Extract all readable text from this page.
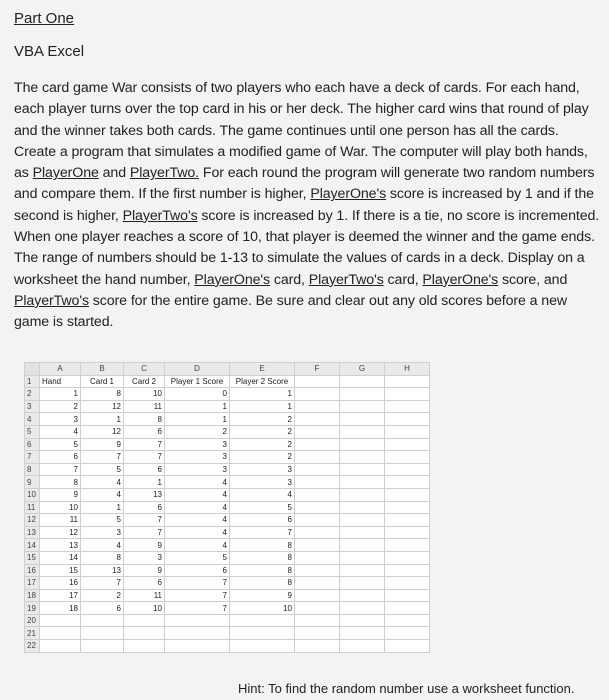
Part One
VBA Excel
The card game War consists of two players who each have a deck of cards. For each hand, each player turns over the top card in his or her deck. The higher card wins that round of play and the winner takes both cards. The game continues until one person has all the cards. Create a program that simulates a modified game of War. The computer will play both hands, as PlayerOne and PlayerTwo. For each round the program will generate two random numbers and compare them. If the first number is higher, PlayerOne's score is increased by 1 and if the second is higher, PlayerTwo's score is increased by 1. If there is a tie, no score is incremented. When one player reaches a score of 10, that player is deemed the winner and the game ends. The range of numbers should be 1-13 to simulate the values of cards in a deck. Display on a worksheet the hand number, PlayerOne's card, PlayerTwo's card, PlayerOne's score, and PlayerTwo's score for the entire game. Be sure and clear out any old scores before a new game is started.
	A	B	C	D	E	F	G	H
1	Hand	Card 1	Card 2	Player 1 Score	Player 2 Score			
2	1	8	10	0	1			
3	2	12	11	1	1			
4	3	1	8	1	2			
5	4	12	6	2	2			
6	5	9	7	3	2			
7	6	7	7	3	2			
8	7	5	6	3	3			
9	8	4	1	4	3			
10	9	4	13	4	4			
11	10	1	6	4	5			
12	11	5	7	4	6			
13	12	3	7	4	7			
14	13	4	9	4	8			
15	14	8	3	5	8			
16	15	13	9	6	8			
17	16	7	6	7	8			
18	17	2	11	7	9			
19	18	6	10	7	10			
20								
21								
22								
Hint: To find the random number use a worksheet function.
